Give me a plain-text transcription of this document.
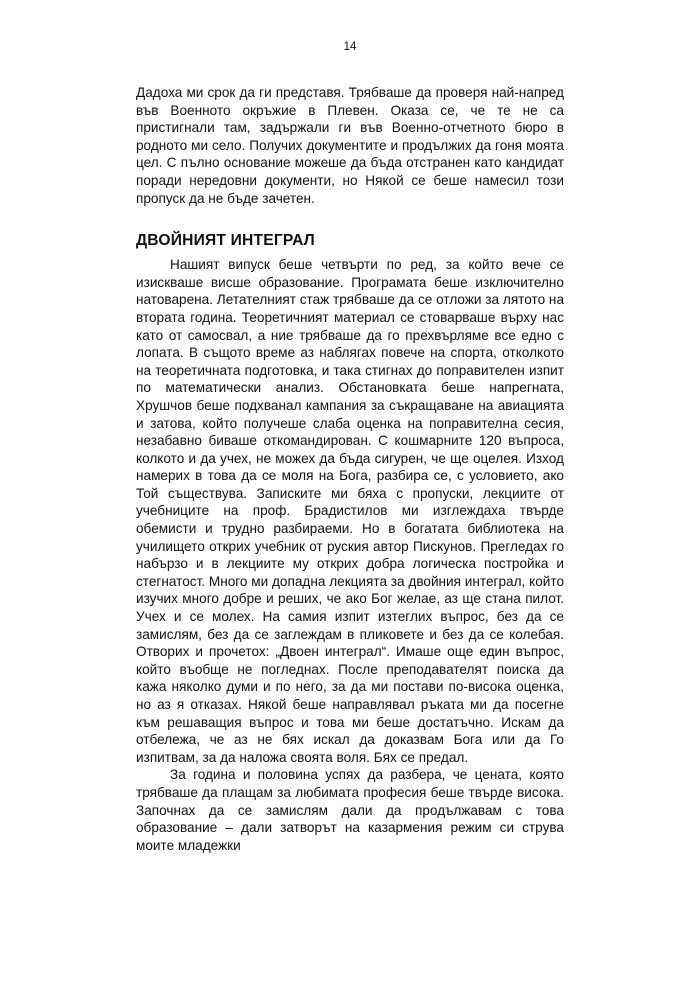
14

Дадоха ми срок да ги представя. Трябваше да проверя най-напред във Военното окръжие в Плевен. Оказа се, че те не са пристигнали там, задържали ги във Военно-отчетното бюро в родното ми село. Получих документите и продължих да гоня моята цел. С пълно основание можеше да бъда отстранен като кандидат поради нередовни документи, но Някой се беше намесил този пропуск да не бъде зачетен.

ДВОЙНИЯТ ИНТЕГРАЛ

Нашият випуск беше четвърти по ред, за който вече се изискваше висше образование. Програмата беше изключително натоварена. Летателният стаж трябваше да се отложи за лятото на втората година. Теоретичният материал се стоварваше върху нас като от самосвал, а ние трябваше да го прехвърляме все едно с лопата. В същото време аз наблягах повече на спорта, отколкото на теоретичната подготовка, и така стигнах до поправителен изпит по математически анализ. Обстановката беше напрегната, Хрушчов беше подхванал кампания за съкращаване на авиацията и затова, който получеше слаба оценка на поправителна сесия, незабавно биваше откомандирован. С кошмарните 120 въпроса, колкото и да учех, не можех да бъда сигурен, че ще оцелея. Изход намерих в това да се моля на Бога, разбира се, с условието, ако Той съществува. Записките ми бяха с пропуски, лекциите от учебниците на проф. Брадистилов ми изглеждаха твърде обемисти и трудно разбираеми. Но в богатата библиотека на училището открих учебник от руския автор Пискунов. Прегледах го набързо и в лекциите му открих добра логическа постройка и стегнатост. Много ми допадна лекцията за двойния интеграл, който изучих много добре и реших, че ако Бог желае, аз ще стана пилот. Учех и се молех. На самия изпит изтеглих въпрос, без да се замислям, без да се заглеждам в пликовете и без да се колебая. Отворих и прочетох: „Двоен интеграл“. Имаше още един въпрос, който въобще не погледнах. После преподавателят поиска да кажа няколко думи и по него, за да ми постави по-висока оценка, но аз я отказах. Някой беше направлявал ръката ми да посегне към решаващия въпрос и това ми беше достатъчно. Искам да отбележа, че аз не бях искал да доказвам Бога или да Го изпитвам, за да наложа своята воля. Бях се предал.

За година и половина успях да разбера, че цената, която трябваше да плащам за любимата професия беше твърде висока. Започнах да се замислям дали да продължавам с това образование – дали затворът на казармения режим си струва моите младежки
